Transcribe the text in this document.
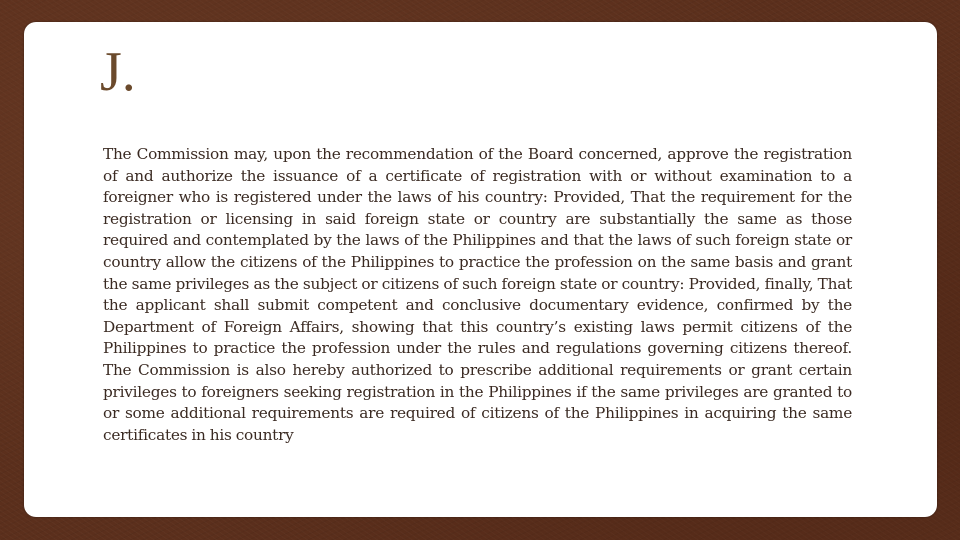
J.

The Commission may, upon the recommendation of the Board concerned, approve the registration of and authorize the issuance of a certificate of registration with or without examination to a foreigner who is registered under the laws of his country: Provided, That the requirement for the registration or licensing in said foreign state or country are substantially the same as those required and contemplated by the laws of the Philippines and that the laws of such foreign state or country allow the citizens of the Philippines to practice the profession on the same basis and grant the same privileges as the subject or citizens of such foreign state or country: Provided, finally, That the applicant shall submit competent and conclusive documentary evidence, confirmed by the Department of Foreign Affairs, showing that this country’s existing laws permit citizens of the Philippines to practice the profession under the rules and regulations governing citizens thereof. The Commission is also hereby authorized to prescribe additional requirements or grant certain privileges to foreigners seeking registration in the Philippines if the same privileges are granted to or some additional requirements are required of citizens of the Philippines in acquiring the same certificates in his country
